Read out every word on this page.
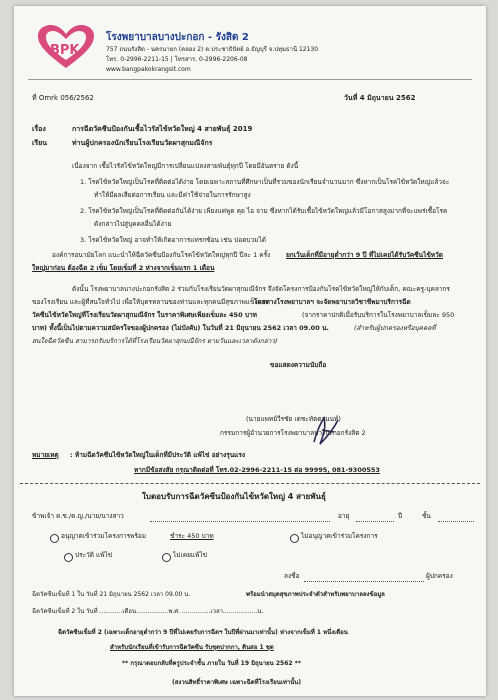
BPK
โรงพยาบาลบางปะกอก - รังสิต 2
757 ถนนรังสิต - นครนายก (คลอง 2) ต.ประชาธิปัตย์ อ.ธัญบุรี จ.ปทุมธานี 12130
โทร. 0-2996-2211-15 | โทรสาร. 0-2996-2206-08
www.bangpakokrangsit.com
ที่ Omrk 056/2562	วันที่ 4 มิถุนายน 2562
เรื่อง	การฉีดวัคซีนป้องกันเชื้อไวรัสไข้หวัดใหญ่ 4 สายพันธุ์ 2019
เรียน	ท่านผู้ปกครองนักเรียนโรงเรียนวัดผาสุกมณีจักร
เนื่องจาก เชื้อไวรัสไข้หวัดใหญ่มีการเปลี่ยนแปลงสายพันธุ์ทุกปี โดยมีอันตราย ดังนี้
1. โรคไข้หวัดใหญ่เป็นโรคที่ติดต่อได้ง่าย โดยเฉพาะสถานที่ศึกษาเป็นที่รวมของนักเรียนจำนวนมาก ซึ่งหากเป็นโรคไข้หวัดใหญ่แล้วจะ
ทำให้มีผลเสียต่อการเรียน และมีค่าใช้จ่ายในการรักษาสูง
2. โรคไข้หวัดใหญ่เป็นโรคที่ติดต่อกันได้ง่าย เพียงแค่พูด คุย ไอ จาม ซึ่งหากได้รับเชื้อไข้หวัดใหญ่แล้วมีโอกาสสูงมากที่จะแพร่เชื้อโรค
ดังกล่าวไปสู่บุคคลอื่นได้ง่าย
3. โรคไข้หวัดใหญ่ อาจทำให้เกิดอาการแทรกซ้อน เช่น ปอดบวมได้
องค์การอนามัยโลก แนะนำให้ฉีดวัคซีนป้องกันโรคไข้หวัดใหญ่ทุกปี ปีละ 1 ครั้ง ยกเว้นเด็กที่มีอายุต่ำกว่า 9 ปี ที่ไม่เคยได้รับวัคซีนไข้หวัด
ใหญ่มาก่อน ต้องฉีด 2 เข็ม โดยเข็มที่ 2 ห่างจากเข็มแรก 1 เดือน
ดังนั้น โรงพยาบาลบางปะกอกรังสิต 2 ร่วมกับโรงเรียนวัดผาสุกมณีจักร จึงจัดโครงการป้องกันโรคไข้หวัดใหญ่ให้กับเด็ก, คณะครู-บุคลากร
ของโรงเรียน และผู้ที่สนใจทั่วไป เพื่อให้บุตรหลานของท่านและทุกคนมีสุขภาพแข็งแรง
โดยทางโรงพยาบาลฯ จะจัดพยาบาลวิชาชีพมาบริการฉีด
วัคซีนไข้หวัดใหญ่ที่โรงเรียนวัดผาสุกมณีจักร ในราคาพิเศษเพียงเข็มละ 450 บาท	(จากราคาปกติเมื่อรับบริการในโรงพยาบาลเข็มละ 950
บาท) ทั้งนี้เป็นไปตามความสมัครใจของผู้ปกครอง (ไม่บังคับ) ในวันที่ 21 มิถุนายน 2562 เวลา 09.00 น.	(สำหรับผู้ปกครองหรือบุคคลที่
สนใจฉีดวัคซีน สามารถรับบริการได้ที่โรงเรียนวัดผาสุกมณีจักร ตามวันและเวลาดังกล่าว)
ขอแสดงความนับถือ
(นายแพทย์วีรชัย เตชะทัตตานนท์)
กรรมการผู้อำนวยการโรงพยาบาลบางปะกอกรังสิต 2
หมายเหตุ : ห้ามฉีดวัคซีนไข้หวัดใหญ่ในเด็กที่มีประวัติ แพ้ไข่ อย่างรุนแรง
หากมีข้อสงสัย กรุณาติดต่อที่ โทร.02-2996-2211-15 ต่อ 99995, 081-9300553
ใบตอบรับการฉีดวัคซีนป้องกันไข้หวัดใหญ่ 4 สายพันธุ์
ข้าพเจ้า ด.ช./ด.ญ./นาย/นางสาว	อายุ	ปี	ชั้น
อนุญาตเข้าร่วมโครงการพร้อม	ชำระ 450 บาท	ไม่อนุญาตเข้าร่วมโครงการ
ประวัติ แพ้ไข่	ไม่เคยแพ้ไข่
ลงชื่อ	ผู้ปกครอง
ฉีดวัคซีนเข็มที่ 1 ใน วันที่ 21 มิถุนายน 2562 เวลา 09.00 น.	พร้อมนำสมุดสุขภาพประจำตัวสำหรับพยาบาลลงข้อมูล
ฉีดวัคซีนเข็มที่ 2 ใน วันที่ ............เดือน.................พ.ศ. ...............เวลา..................น.
ฉีดวัคซีนเข็มที่ 2 (เฉพาะเด็กอายุต่ำกว่า 9 ปีที่ไม่เคยรับการฉีดฯ ในปีที่ผ่านมาเท่านั้น) ห่างจากเข็มที่ 1 หนึ่งเดือน
สำหรับนักเรียนที่เข้ารับการฉีดวัคซีน รับชุดปากกา, ดินสอ 1 ชุด
** กรุณาตอบกลับที่ครูประจำชั้น ภายใน วันที่ 19 มิถุนายน 2562 **
(สงวนสิทธิ์ราคาพิเศษ เฉพาะฉีดที่โรงเรียนเท่านั้น)
